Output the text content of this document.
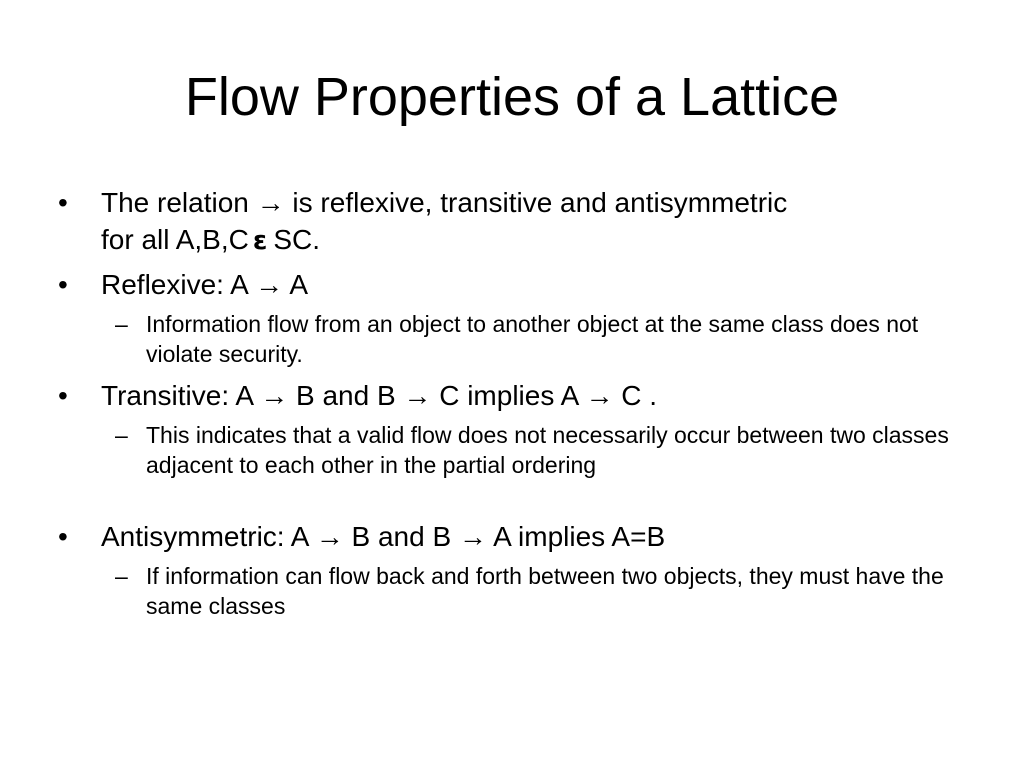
Flow Properties of a Lattice
• The relation → is reflexive, transitive and antisymmetric
for all A,B,C ε SC.
• Reflexive: A → A
– Information flow from an object to another object at the same class does not violate security.
• Transitive: A → B and B → C implies A → C .
– This indicates that a valid flow does not necessarily occur between two classes adjacent to each other in the partial ordering
• Antisymmetric: A → B and B → A implies A=B
– If information can flow back and forth between two objects, they must have the same classes
